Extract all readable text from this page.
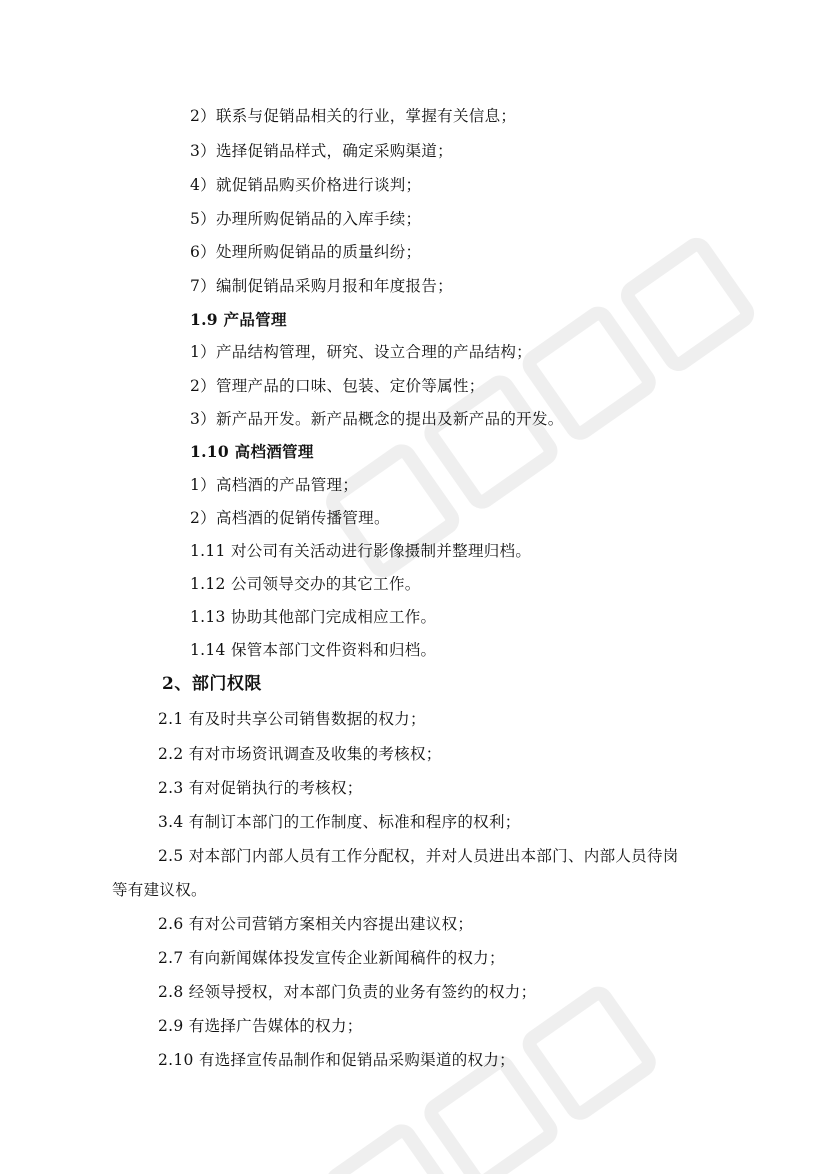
2）联系与促销品相关的行业，掌握有关信息；
3）选择促销品样式，确定采购渠道；
4）就促销品购买价格进行谈判；
5）办理所购促销品的入库手续；
6）处理所购促销品的质量纠纷；
7）编制促销品采购月报和年度报告；
1.9 产品管理
1）产品结构管理，研究、设立合理的产品结构；
2）管理产品的口味、包装、定价等属性；
3）新产品开发。新产品概念的提出及新产品的开发。
1.10 高档酒管理
1）高档酒的产品管理；
2）高档酒的促销传播管理。
1.11 对公司有关活动进行影像摄制并整理归档。
1.12 公司领导交办的其它工作。
1.13 协助其他部门完成相应工作。
1.14 保管本部门文件资料和归档。
2、部门权限
2.1 有及时共享公司销售数据的权力；
2.2 有对市场资讯调查及收集的考核权；
2.3 有对促销执行的考核权；
3.4 有制订本部门的工作制度、标准和程序的权利；
2.5 对本部门内部人员有工作分配权，并对人员进出本部门、内部人员待岗
等有建议权。
2.6 有对公司营销方案相关内容提出建议权；
2.7 有向新闻媒体投发宣传企业新闻稿件的权力；
2.8 经领导授权，对本部门负责的业务有签约的权力；
2.9 有选择广告媒体的权力；
2.10 有选择宣传品制作和促销品采购渠道的权力；
